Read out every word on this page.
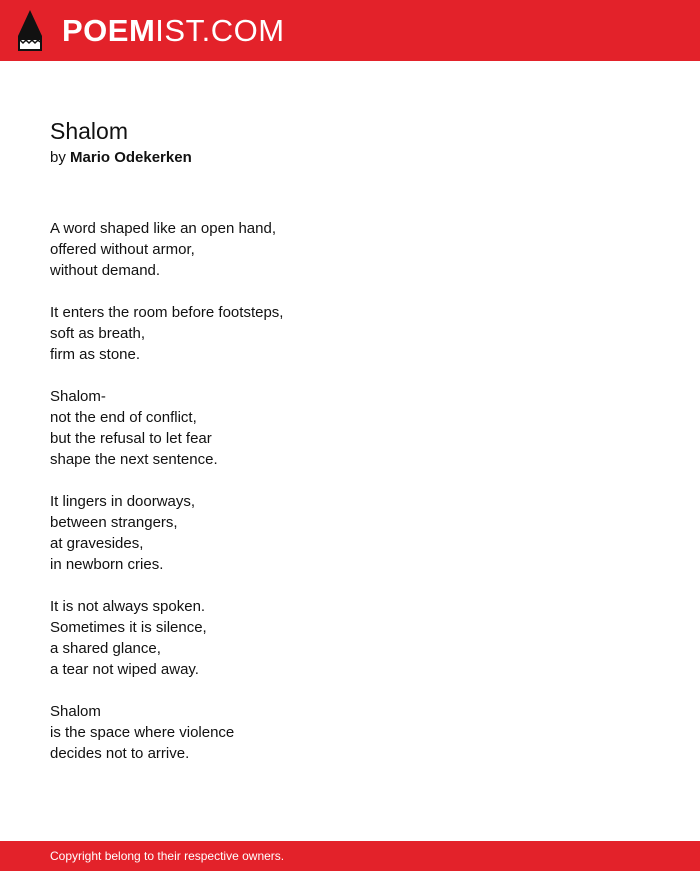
POEMIST.COM
Shalom

by Mario Odekerken

A word shaped like an open hand,
offered without armor,
without demand.

It enters the room before footsteps,
soft as breath,
firm as stone.

Shalom-
not the end of conflict,
but the refusal to let fear
shape the next sentence.

It lingers in doorways,
between strangers,
at gravesides,
in newborn cries.

It is not always spoken.
Sometimes it is silence,
a shared glance,
a tear not wiped away.

Shalom
is the space where violence
decides not to arrive.

Copyright belong to their respective owners.
